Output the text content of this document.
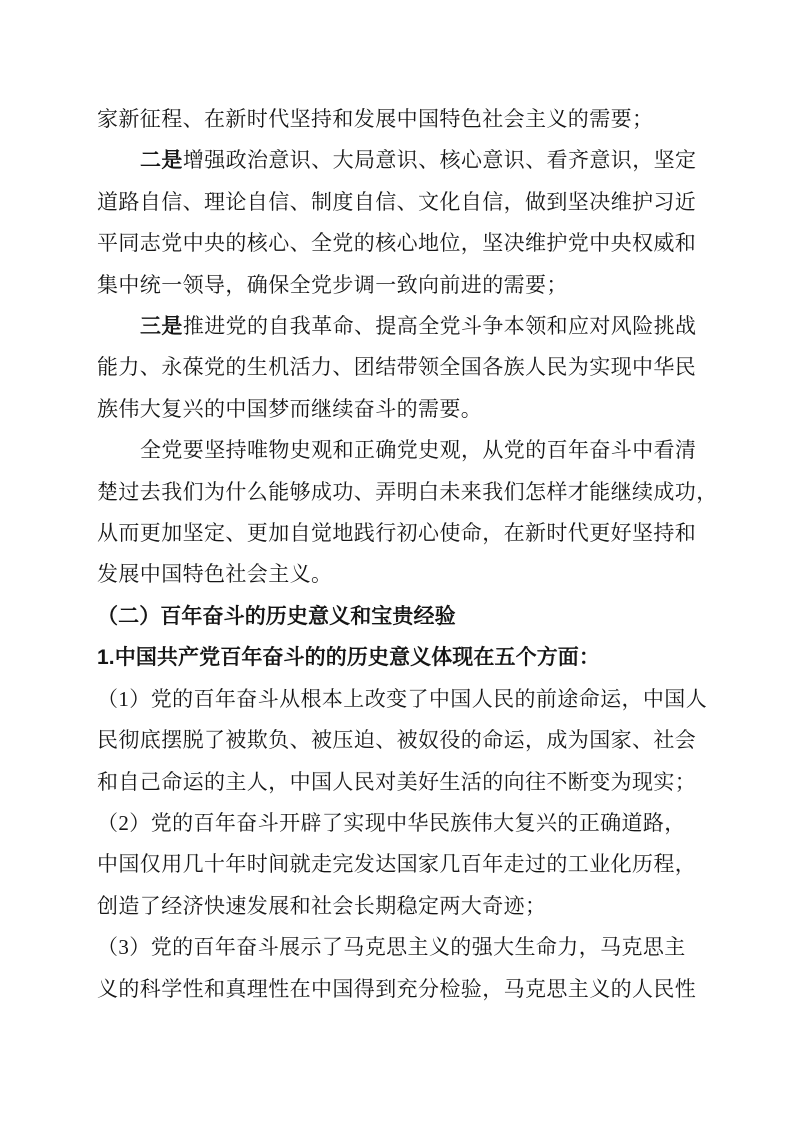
家新征程、在新时代坚持和发展中国特色社会主义的需要；
二是增强政治意识、大局意识、核心意识、看齐意识，坚定
道路自信、理论自信、制度自信、文化自信，做到坚决维护习近
平同志党中央的核心、全党的核心地位，坚决维护党中央权威和
集中统一领导，确保全党步调一致向前进的需要；
三是推进党的自我革命、提高全党斗争本领和应对风险挑战
能力、永葆党的生机活力、团结带领全国各族人民为实现中华民
族伟大复兴的中国梦而继续奋斗的需要。
全党要坚持唯物史观和正确党史观，从党的百年奋斗中看清
楚过去我们为什么能够成功、弄明白未来我们怎样才能继续成功，
从而更加坚定、更加自觉地践行初心使命，在新时代更好坚持和
发展中国特色社会主义。
（二）百年奋斗的历史意义和宝贵经验
1.中国共产党百年奋斗的的历史意义体现在五个方面：
（1）党的百年奋斗从根本上改变了中国人民的前途命运，中国人
民彻底摆脱了被欺负、被压迫、被奴役的命运，成为国家、社会
和自己命运的主人，中国人民对美好生活的向往不断变为现实；
（2）党的百年奋斗开辟了实现中华民族伟大复兴的正确道路，
中国仅用几十年时间就走完发达国家几百年走过的工业化历程，
创造了经济快速发展和社会长期稳定两大奇迹；
（3）党的百年奋斗展示了马克思主义的强大生命力，马克思主
义的科学性和真理性在中国得到充分检验，马克思主义的人民性
